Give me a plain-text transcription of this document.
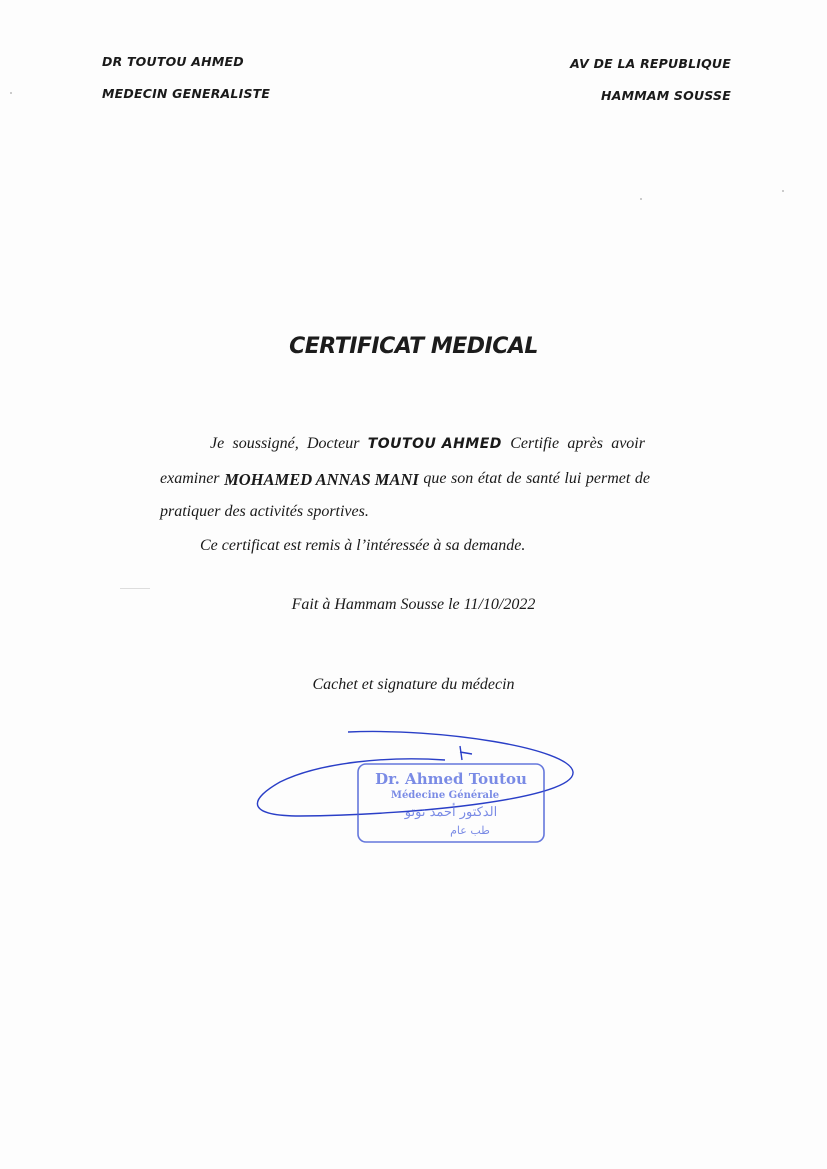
DR TOUTOU AHMED
MEDECIN GENERALISTE
AV DE LA REPUBLIQUE
HAMMAM SOUSSE
CERTIFICAT MEDICAL
Je soussigné, Docteur TOUTOU AHMED Certifie après avoir
examiner MOHAMED ANNAS MANI que son état de santé lui permet de
pratiquer des activités sportives.
Ce certificat est remis à l’intéressée à sa demande.
Fait à Hammam Sousse le 11/10/2022
Cachet et signature du médecin
Dr. Ahmed Toutou
Médecine Générale
الدكتور أحمد توتو
طب عام
